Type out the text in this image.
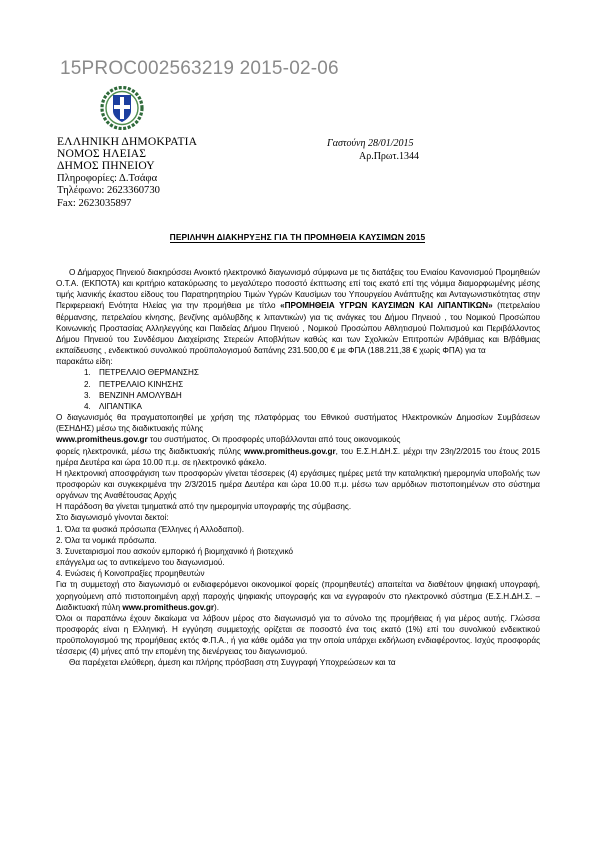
15PROC002563219 2015-02-06
ΕΛΛΗΝΙΚΗ ΔΗΜΟΚΡΑΤΙΑ
ΝΟΜΟΣ ΗΛΕΙΑΣ
ΔΗΜΟΣ ΠΗΝΕΙΟΥ
Πληροφορίες: Δ.Τσάφα
Τηλέφωνο: 2623360730
Fax: 2623035897
Γαστούνη 28/01/2015
Αρ.Πρωτ.1344
ΠΕΡΙΛΗΨΗ ΔΙΑΚΗΡΥΞΗΣ ΓΙΑ ΤΗ ΠΡΟΜΗΘΕΙΑ ΚΑΥΣΙΜΩΝ 2015

Ο Δήμαρχος Πηνειού διακηρύσσει Ανοικτό ηλεκτρονικό διαγωνισμό σύμφωνα με τις διατάξεις του Ενιαίου Κανονισμού Προμηθειών Ο.Τ.Α. (ΕΚΠΟΤΑ) και κριτήριο κατακύρωσης το μεγαλύτερο ποσοστό έκπτωσης επί τοις εκατό επί της νόμιμα διαμορφωμένης μέσης τιμής λιανικής έκαστου είδους του Παρατηρητηρίου Τιμών Υγρών Καυσίμων του Υπουργείου Ανάπτυξης και Ανταγωνιστικότητας στην Περιφερειακή Ενότητα Ηλείας για την προμήθεια με τίτλο «ΠΡΟΜΗΘΕΙΑ ΥΓΡΩΝ ΚΑΥΣΙΜΩΝ ΚΑΙ ΛΙΠΑΝΤΙΚΩΝ» (πετρελαίου θέρμανσης, πετρελαίου κίνησης, βενζίνης αμόλυβδης κ λιπαντικών) για τις ανάγκες του Δήμου Πηνειού , του Νομικού Προσώπου Κοινωνικής Προστασίας Αλληλεγγύης και Παιδείας Δήμου Πηνειού , Νομικού Προσώπου Αθλητισμού Πολιτισμού και Περιβάλλοντος Δήμου Πηνειού του Συνδέσμου Διαχείρισης Στερεών Αποβλήτων καθώς και των Σχολικών Επιτροπών Α/βάθμιας και Β/βάθμιας εκπαίδευσης , ενδεικτικού συνολικού προϋπολογισμού δαπάνης 231.500,00 € με ΦΠΑ (188.211,38 € χωρίς ΦΠΑ) για τα

παρακάτω είδη:

1. ΠΕΤΡΕΛΑΙΟ ΘΕΡΜΑΝΣΗΣ
2. ΠΕΤΡΕΛΑΙΟ ΚΙΝΗΣΗΣ
3. ΒΕΝΖΙΝΗ ΑΜΟΛΥΒΔΗ
4. ΛΙΠΑΝΤΙΚΑ

Ο διαγωνισμός θα πραγματοποιηθεί με χρήση της πλατφόρμας του Εθνικού συστήματος Ηλεκτρονικών Δημοσίων Συμβάσεων (ΕΣΗΔΗΣ) μέσω της διαδικτυακής πύλης

www.promitheus.gov.gr του συστήματος. Οι προσφορές υποβάλλονται από τους οικονομικούς

φορείς ηλεκτρονικά, μέσω της διαδικτυακής πύλης www.promitheus.gov.gr, του Ε.Σ.Η.ΔΗ.Σ. μέχρι την 23η/2/2015 του έτους 2015 ημέρα Δευτέρα και ώρα 10.00 π.μ. σε ηλεκτρονικό φάκελο.

Η ηλεκτρονική αποσφράγιση των προσφορών γίνεται τέσσερεις (4) εργάσιμες ημέρες μετά την καταληκτική ημερομηνία υποβολής των προσφορών και συγκεκριμένα την 2/3/2015 ημέρα Δευτέρα και ώρα 10.00 π.μ. μέσω των αρμόδιων πιστοποιημένων στο σύστημα οργάνων της Αναθέτουσας Αρχής

Η παράδοση θα γίνεται τμηματικά από την ημερομηνία υπογραφής της σύμβασης.

Στο διαγωνισμό γίνονται δεκτοί:

1. Όλα τα φυσικά πρόσωπα (Έλληνες ή Αλλοδαποί).

2. Όλα τα νομικά πρόσωπα.

3. Συνεταιρισμοί που ασκούν εμπορικό ή βιομηχανικό ή βιοτεχνικό

επάγγελμα ως το αντικείμενο του διαγωνισμού.

4. Ενώσεις ή Κοινοπραξίες προμηθευτών

Για τη συμμετοχή στο διαγωνισμό οι ενδιαφερόμενοι οικονομικοί φορείς (προμηθευτές) απαιτείται να διαθέτουν ψηφιακή υπογραφή, χορηγούμενη από πιστοποιημένη αρχή παροχής ψηφιακής υπογραφής και να εγγραφούν στο ηλεκτρονικό σύστημα (Ε.Σ.Η.ΔΗ.Σ. – Διαδικτυακή πύλη www.promitheus.gov.gr).

Όλοι οι παραπάνω έχουν δικαίωμα να λάβουν μέρος στο διαγωνισμό για το σύνολο της προμήθειας ή για μέρος αυτής. Γλώσσα προσφοράς είναι η Ελληνική. Η εγγύηση συμμετοχής ορίζεται σε ποσοστό ένα τοις εκατό (1%) επί του συνολικού ενδεικτικού προϋπολογισμού της προμήθειας εκτός Φ.Π.Α., ή για κάθε ομάδα για την οποία υπάρχει εκδήλωση ενδιαφέροντος. Ισχύς προσφοράς τέσσερις (4) μήνες από την επομένη της διενέργειας του διαγωνισμού.

Θα παρέχεται ελεύθερη, άμεση και πλήρης πρόσβαση στη Συγγραφή Υποχρεώσεων και τα
